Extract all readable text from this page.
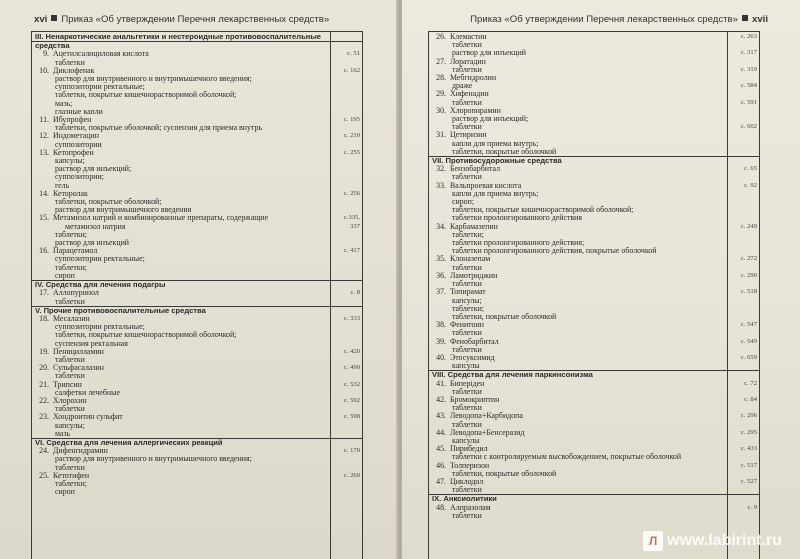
xvi Приказ «Об утверждении Перечня лекарственных средств»
III. Ненаркотические анальгетики и нестероидные противовоспалительные
средства
9. Ацетилсалициловая кислота	с. 51
таблетки
10. Диклофенак	с. 162
раствор для внутривенного и внутримышечного введения;
суппозитории ректальные;
таблетки, покрытые кишечнорастворимой оболочкой;
мазь;
глазные капли
11. Ибупрофен	с. 195
таблетки, покрытые оболочкой; суспензия для приема внутрь
12. Индометацин	с. 210
суппозитории
13. Кетопрофен	с. 255
капсулы;
раствор для инъекций;
суппозитории;
гель
14. Кеторолак	с. 256
таблетки, покрытые оболочкой;
раствор для внутримышечного введения
15. Метамизол натрий и комбинированные препараты, содержащие	с.335,
метамизол натрия	337
таблетки;
раствор для инъекций
16. Парацетамол	с. 417
суппозитории ректальные;
таблетки;
сироп
IV. Средства для лечения подагры
17. Аллопуринол	с. 8
таблетки
V. Прочие противовоспалительные средства
18. Месалазин	с. 333
суппозитории ректальные;
таблетки, покрытые кишечнорастворимой оболочкой;
суспензия ректальная
19. Пеницилламин	с. 420
таблетки
20. Сульфасалазин	с. 490
таблетки
21. Трипсин	с. 532
салфетки лечебные
22. Хлорохин	с. 592
таблетки
23. Хондроитин сульфат	с. 598
капсулы;
мазь
VI. Средства для лечения аллергических реакций
24. Дифенгидрамин	с. 170
раствор для внутривенного и внутримышечного введения;
таблетки
25. Кетотифен	с. 260
таблетки;
сироп
Приказ «Об утверждении Перечня лекарственных средств» xvii
26. Клемастин	с. 263
таблетки
раствор для инъекций	с. 317
27. Лоратадин
таблетки	с. 319
28. Мебгидролин
драже	с. 584
29. Хифенадин
таблетки	с. 591
30. Хлоропирамин
раствор для инъекций;
таблетки	с. 602
31. Цетиризин
капли для приема внутрь;
таблетки, покрытые оболочкой
VII. Противосудорожные средства
32. Бензобарбитал	с. 65
таблетки
33. Вальпроевая кислота	с. 92
капли для приема внутрь;
сироп;
таблетки, покрытые кишечнорастворимой оболочкой;
таблетки пролонгированного действия
34. Карбамазепин	с. 249
таблетки;
таблетки пролонгированного действия;
таблетки пролонгированного действия, покрытые оболочкой
35. Клоназепам	с. 272
таблетки
36. Ламотриджин	с. 290
таблетки
37. Топирамат	с. 518
капсулы;
таблетки;
таблетки, покрытые оболочкой
38. Фенитоин	с. 547
таблетки
39. Фенобарбитал	с. 549
таблетки
40. Этосуксимид	с. 659
капсулы
VIII. Средства для лечения паркинсонизма
41. Биперiден	с. 72
таблетки
42. Бромокриптин	с. 84
таблетки
43. Леводопа+Карбидопа	с. 296
таблетки
44. Леводопа+Бенсеразид	с. 295
капсулы
45. Пирибедил	с. 433
таблетки с контролируемым высвобождением, покрытые оболочкой
46. Толперизон	с. 517
таблетки, покрытые оболочкой
47. Циклодол	с. 527
таблетки
IX. Анксиолитики
48. Алпразолам	с. 9
таблетки
Л www.labirint.ru
